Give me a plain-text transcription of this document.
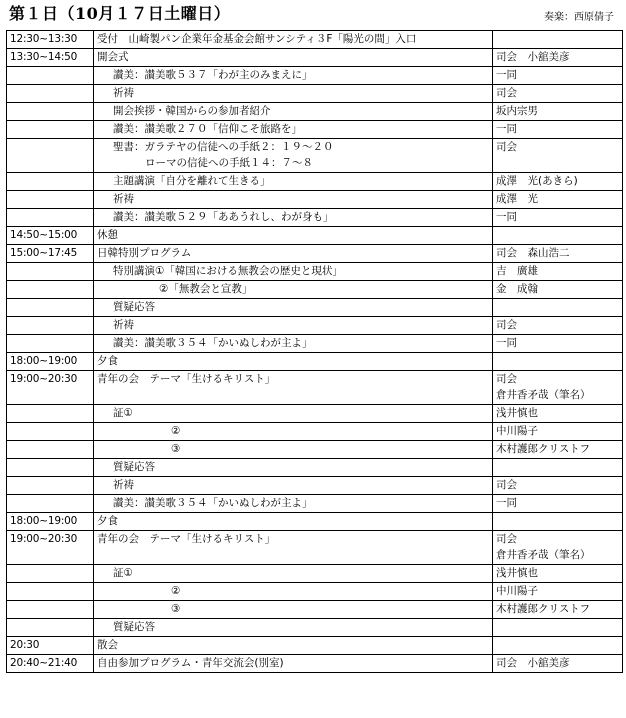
第１日（10月１７日土曜日）	奏楽：西原倩子
12:30~13:30	受付　山崎製パン企業年金基金会館サンシティ３F「陽光の間」入口	

13:30~14:50	開会式	司会　小舘美彦

	讃美：讃美歌５３７「わが主のみまえに」	一同

	祈祷	司会

	開会挨拶・韓国からの参加者紹介	坂内宗男

	讃美：讃美歌２７０「信仰こそ旅路を」	一同

	聖書：ガラテヤの信徒への手紙２：１９～２０
ローマの信徒への手紙１４：７～８	司会

	主題講演「自分を離れて生きる」	成澤　光(あきら)

	祈祷	成澤　光

	讃美：讃美歌５２９「ああうれし、わが身も」	一同

14:50~15:00	休憩	

15:00~17:45	日韓特別プログラム	司会　森山浩二

	特別講演①「韓国における無教会の歴史と現状」	吉　廣雄

	②「無教会と宣教」	金　成翰

	質疑応答	

	祈祷	司会

	讃美：讃美歌３５４「かいぬしわが主よ」	一同

18:00~19:00	夕食	

19:00~20:30	青年の会　テーマ「生けるキリスト」	司会
倉井香矛哉（筆名）

	証①	浅井慎也

	②	中川陽子

	③	木村護郎クリストフ

	質疑応答	

	祈祷	司会

	讃美：讃美歌３５４「かいぬしわが主よ」	一同

18:00~19:00	夕食	

19:00~20:30	青年の会　テーマ「生けるキリスト」	司会
倉井香矛哉（筆名）

	証①	浅井慎也

	②	中川陽子

	③	木村護郎クリストフ

	質疑応答	

20:30	散会	

20:40~21:40	自由参加プログラム・青年交流会(別室)	司会　小舘美彦
